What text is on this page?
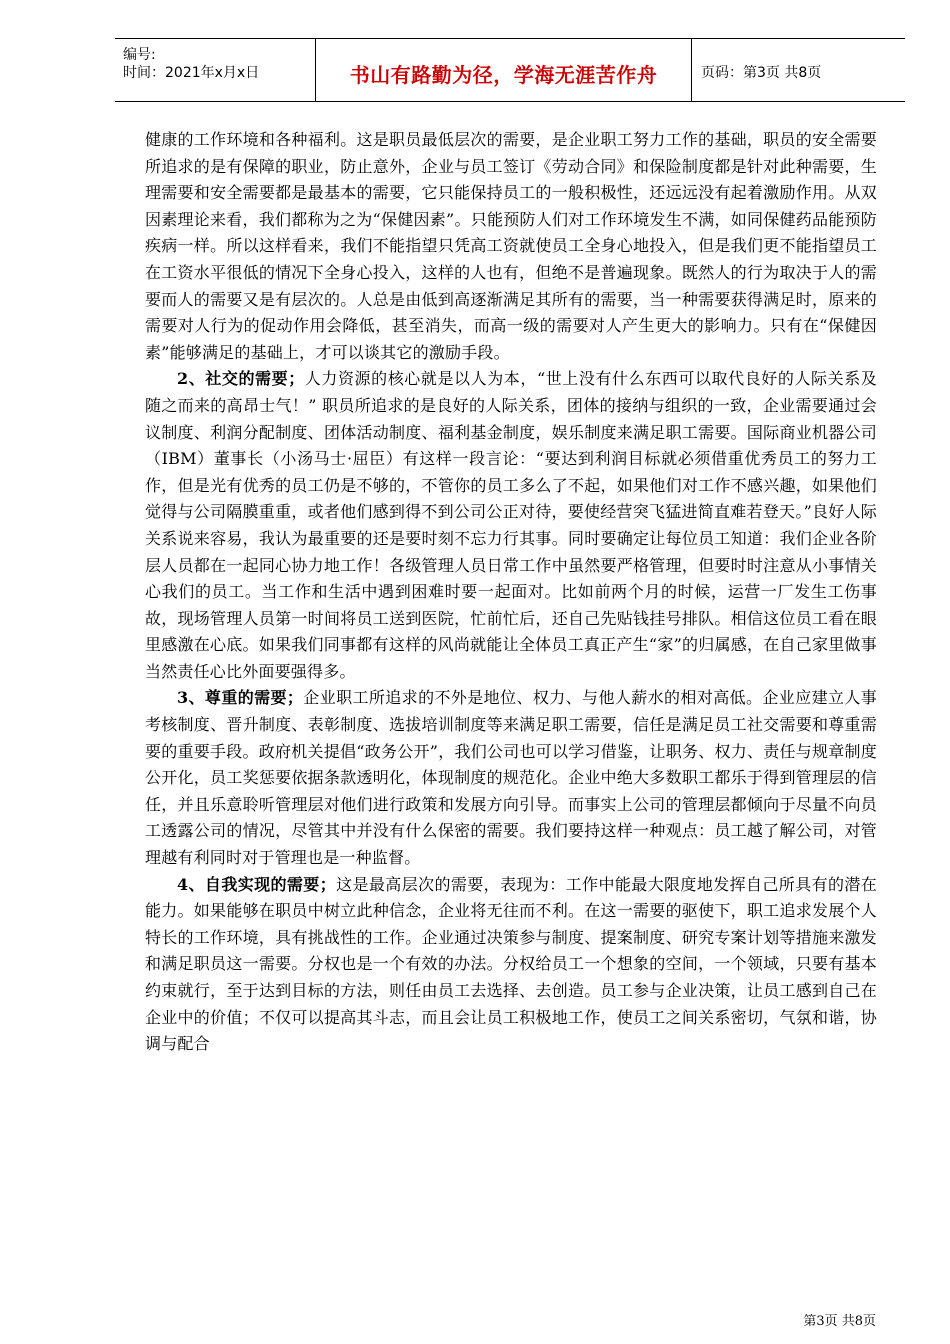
编号:
时间：2021年x月x日	书山有路勤为径，学海无涯苦作舟	页码：第3页 共8页

健康的工作环境和各种福利。这是职员最低层次的需要，是企业职工努力工作的基础，职员的安全需要所追求的是有保障的职业，防止意外，企业与员工签订《劳动合同》和保险制度都是针对此种需要，生理需要和安全需要都是最基本的需要，它只能保持员工的一般积极性，还远远没有起着激励作用。从双因素理论来看，我们都称为之为“保健因素”。只能预防人们对工作环境发生不满，如同保健药品能预防疾病一样。所以这样看来，我们不能指望只凭高工资就使员工全身心地投入，但是我们更不能指望员工在工资水平很低的情况下全身心投入，这样的人也有，但绝不是普遍现象。既然人的行为取决于人的需要而人的需要又是有层次的。人总是由低到高逐渐满足其所有的需要，当一种需要获得满足时，原来的需要对人行为的促动作用会降低，甚至消失，而高一级的需要对人产生更大的影响力。只有在“保健因素”能够满足的基础上，才可以谈其它的激励手段。

2、社交的需要；人力资源的核心就是以人为本，“世上没有什么东西可以取代良好的人际关系及随之而来的高昂士气！” 职员所追求的是良好的人际关系，团体的接纳与组织的一致，企业需要通过会议制度、利润分配制度、团体活动制度、福利基金制度，娱乐制度来满足职工需要。国际商业机器公司（IBM）董事长（小汤马士·屈臣）有这样一段言论：“要达到利润目标就必须借重优秀员工的努力工作，但是光有优秀的员工仍是不够的，不管你的员工多么了不起，如果他们对工作不感兴趣，如果他们觉得与公司隔膜重重，或者他们感到得不到公司公正对待，要使经营突飞猛进简直难若登天。”良好人际关系说来容易，我认为最重要的还是要时刻不忘力行其事。同时要确定让每位员工知道：我们企业各阶层人员都在一起同心协力地工作！各级管理人员日常工作中虽然要严格管理，但要时时注意从小事情关心我们的员工。当工作和生活中遇到困难时要一起面对。比如前两个月的时候，运营一厂发生工伤事故，现场管理人员第一时间将员工送到医院，忙前忙后，还自己先贴钱挂号排队。相信这位员工看在眼里感激在心底。如果我们同事都有这样的风尚就能让全体员工真正产生“家”的归属感，在自己家里做事当然责任心比外面要强得多。

3、尊重的需要；企业职工所追求的不外是地位、权力、与他人薪水的相对高低。企业应建立人事考核制度、晋升制度、表彰制度、选拔培训制度等来满足职工需要，信任是满足员工社交需要和尊重需要的重要手段。政府机关提倡“政务公开”，我们公司也可以学习借鉴，让职务、权力、责任与规章制度公开化，员工奖惩要依据条款透明化，体现制度的规范化。企业中绝大多数职工都乐于得到管理层的信任，并且乐意聆听管理层对他们进行政策和发展方向引导。而事实上公司的管理层都倾向于尽量不向员工透露公司的情况，尽管其中并没有什么保密的需要。我们要持这样一种观点：员工越了解公司，对管理越有利同时对于管理也是一种监督。

4、自我实现的需要；这是最高层次的需要，表现为：工作中能最大限度地发挥自己所具有的潜在能力。如果能够在职员中树立此种信念，企业将无往而不利。在这一需要的驱使下，职工追求发展个人特长的工作环境，具有挑战性的工作。企业通过决策参与制度、提案制度、研究专案计划等措施来激发和满足职员这一需要。分权也是一个有效的办法。分权给员工一个想象的空间，一个领域，只要有基本约束就行，至于达到目标的方法，则任由员工去选择、去创造。员工参与企业决策，让员工感到自己在企业中的价值；不仅可以提高其斗志，而且会让员工积极地工作，使员工之间关系密切，气氛和谐，协调与配合

第3页 共8页
